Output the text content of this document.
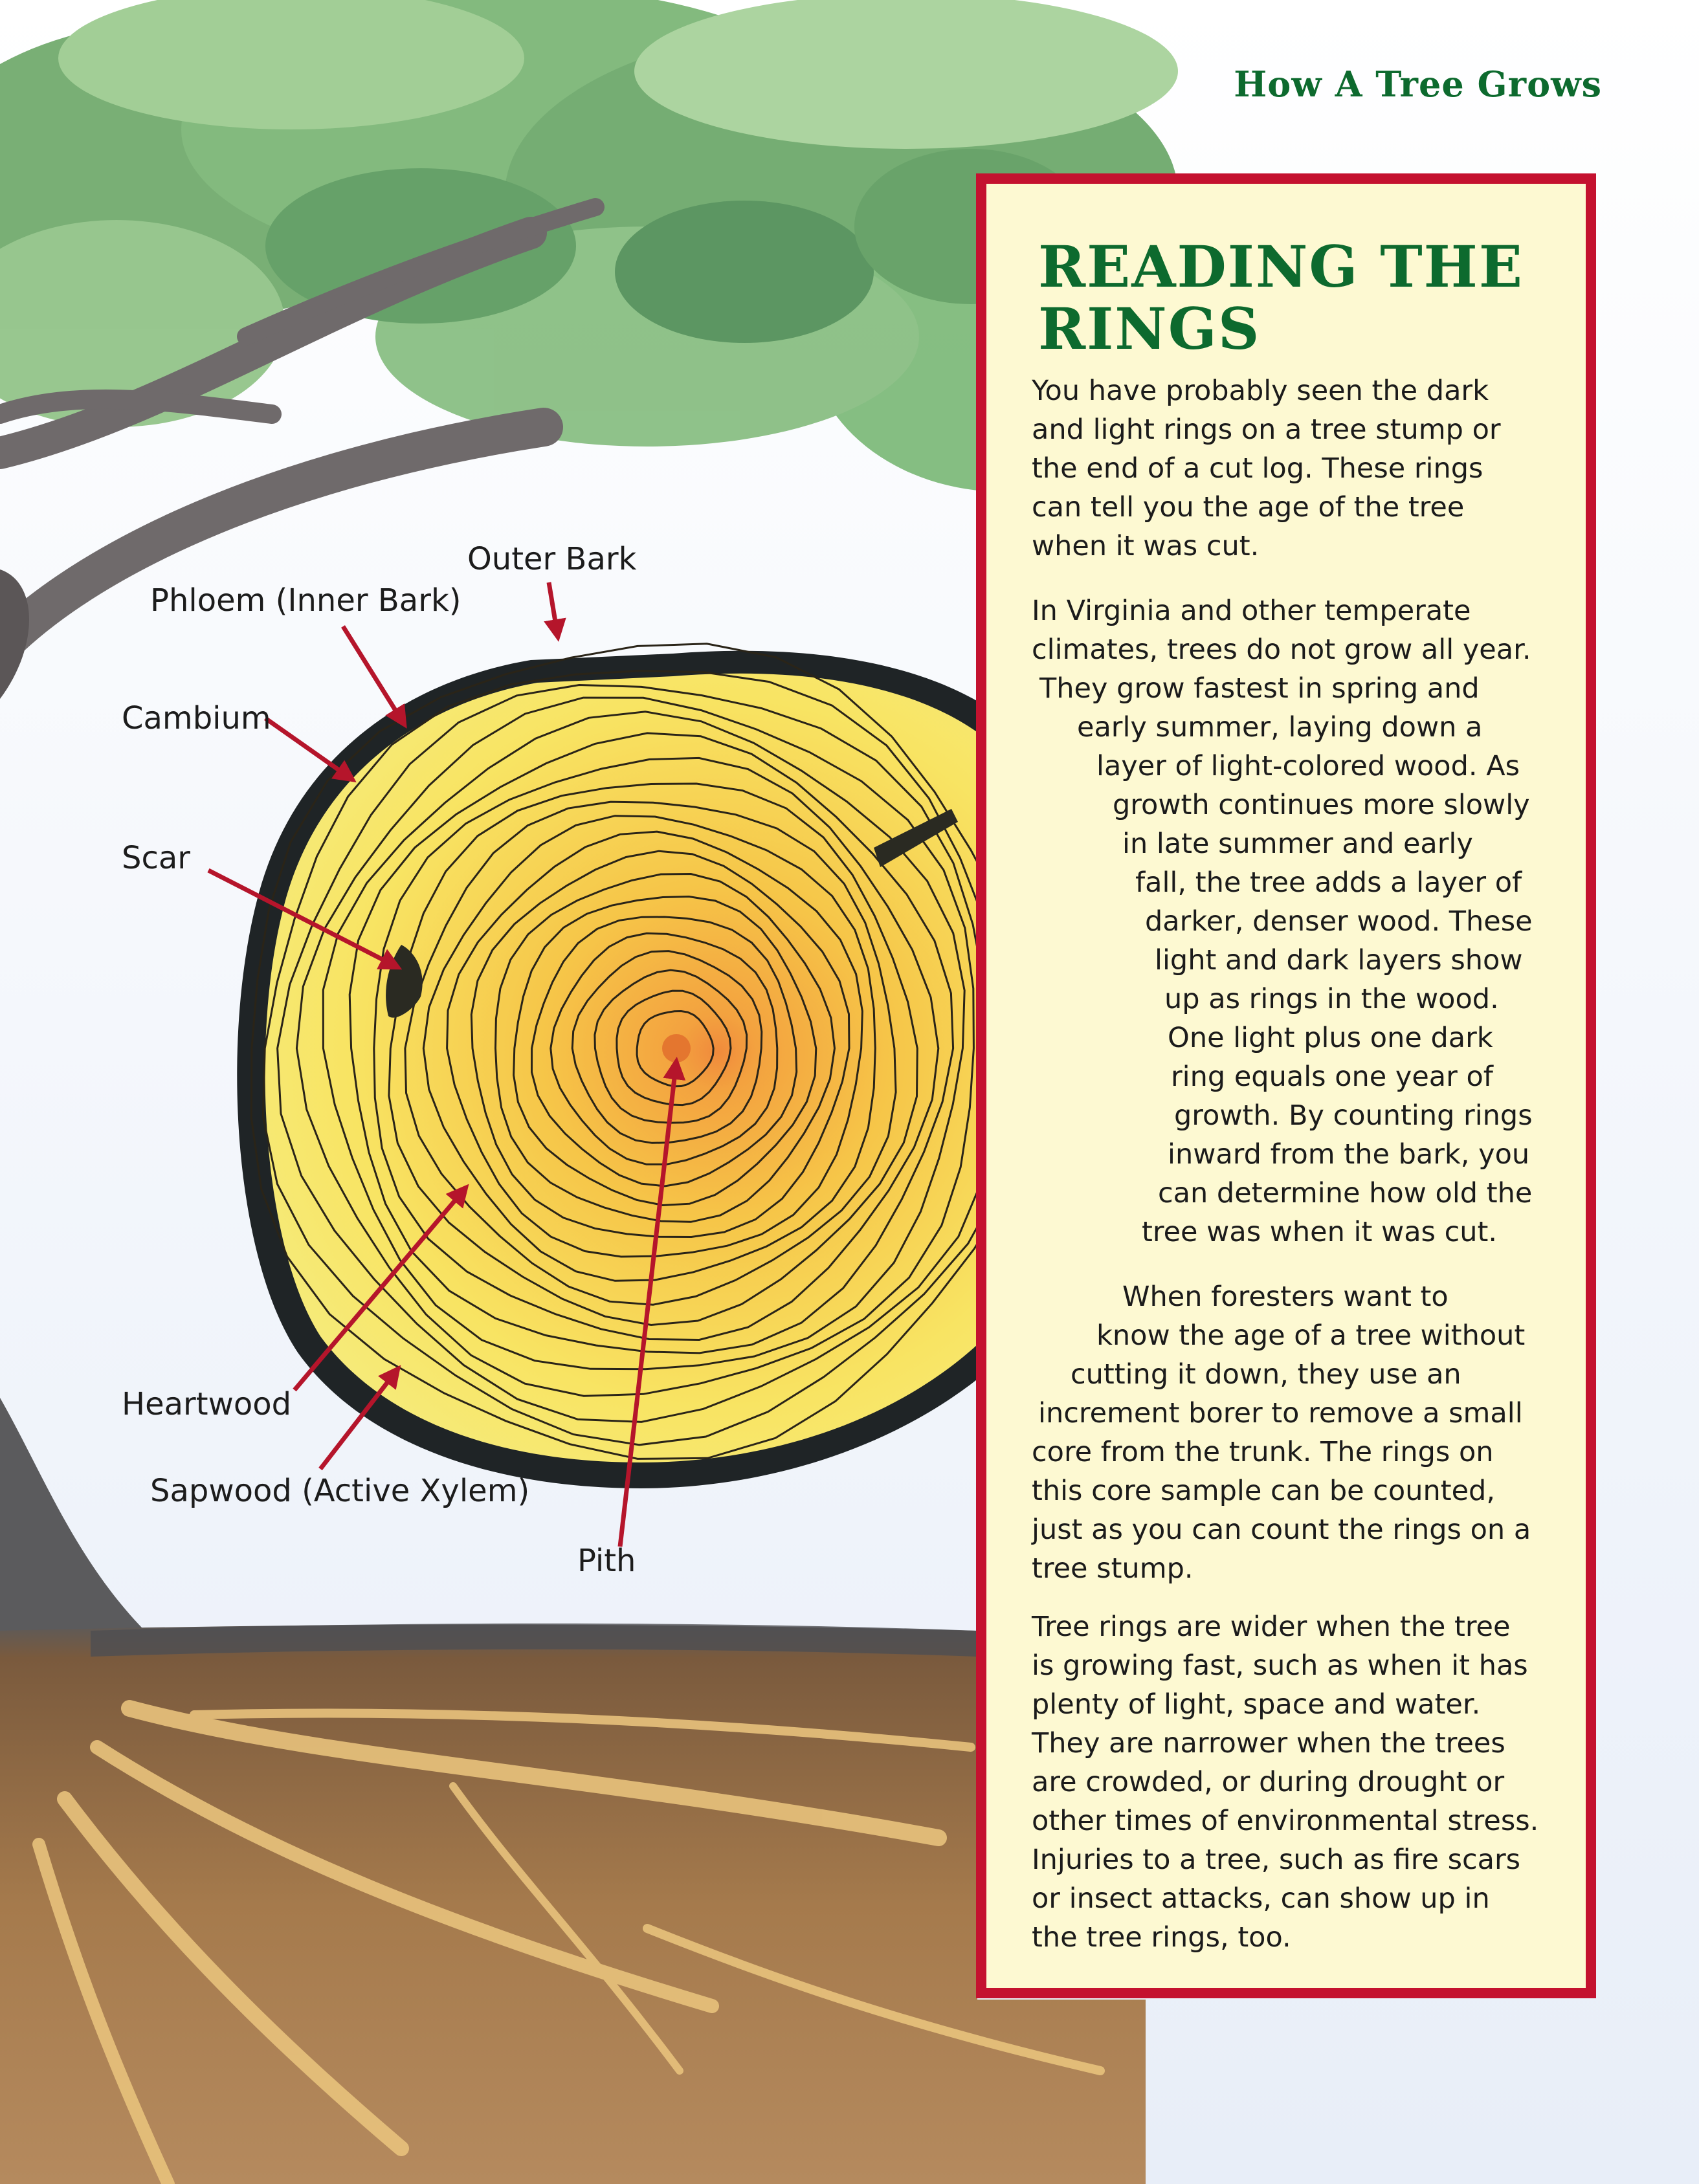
How A Tree Grows
Outer Bark
Phloem (Inner Bark)
Cambium
Scar
Heartwood
Sapwood (Active Xylem)
Pith
READING THE
RINGS
You have probably seen the dark
and light rings on a tree stump or
the end of a cut log. These rings
can tell you the age of the tree
when it was cut.
In Virginia and other temperate
climates, trees do not grow all year.
They grow fastest in spring and
early summer, laying down a
layer of light-colored wood. As
growth continues more slowly
in late summer and early
fall, the tree adds a layer of
darker, denser wood. These
light and dark layers show
up as rings in the wood.
One light plus one dark
ring equals one year of
growth. By counting rings
inward from the bark, you
can determine how old the
tree was when it was cut.
When foresters want to
know the age of a tree without
cutting it down, they use an
increment borer to remove a small
core from the trunk. The rings on
this core sample can be counted,
just as you can count the rings on a
tree stump.
Tree rings are wider when the tree
is growing fast, such as when it has
plenty of light, space and water.
They are narrower when the trees
are crowded, or during drought or
other times of environmental stress.
Injuries to a tree, such as fire scars
or insect attacks, can show up in
the tree rings, too.
